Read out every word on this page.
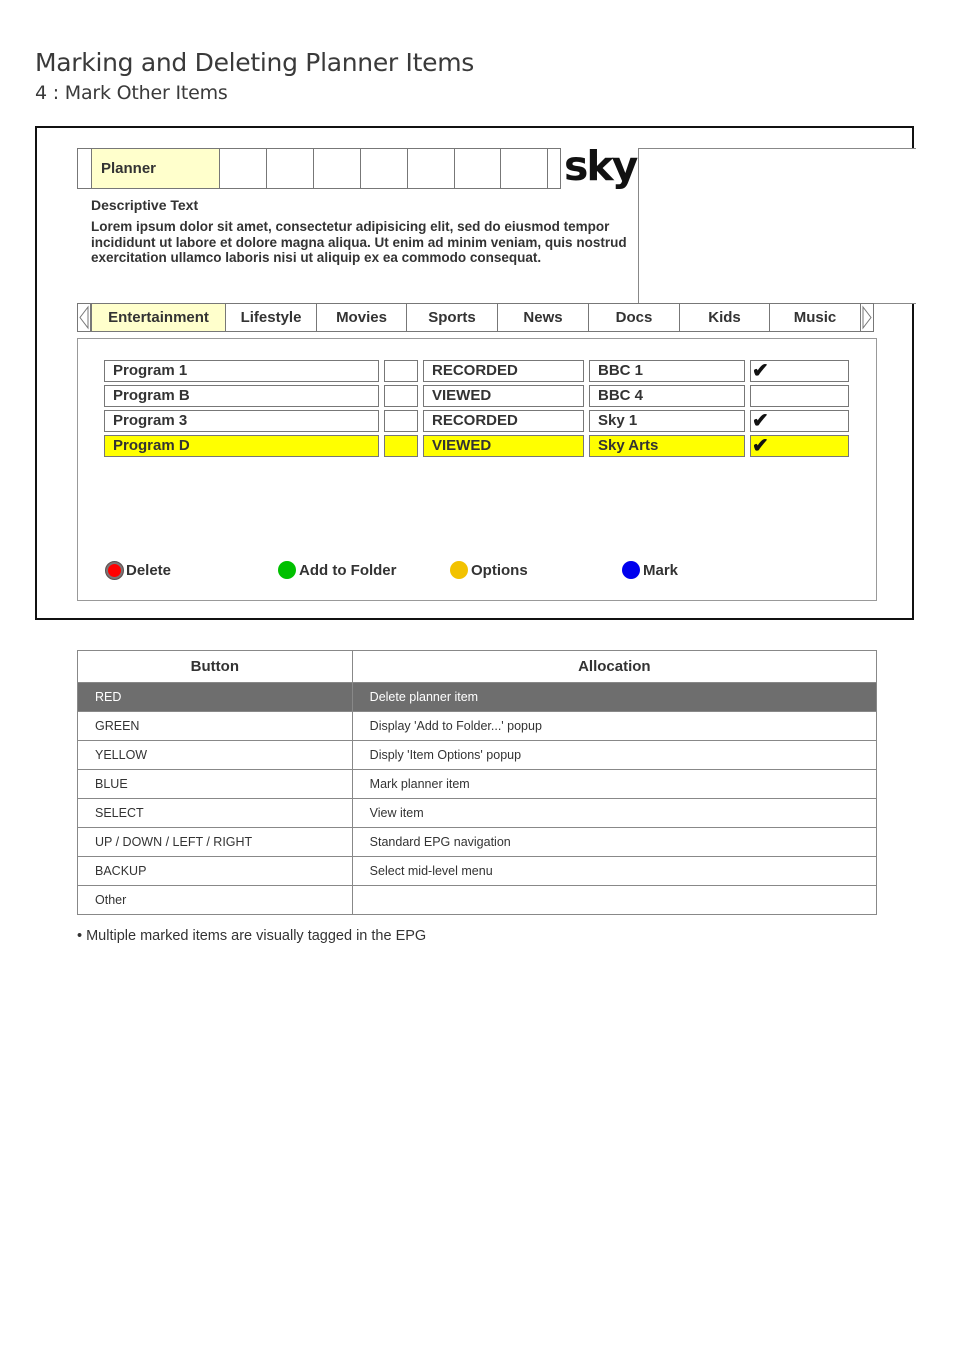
Marking and Deleting Planner Items
4 : Mark Other Items
Planner	sky
Descriptive Text
Lorem ipsum dolor sit amet, consectetur adipisicing elit, sed do eiusmod tempor incididunt ut labore et dolore magna aliqua. Ut enim ad minim veniam, quis nostrud exercitation ullamco laboris nisi ut aliquip ex ea commodo consequat.
Entertainment	Lifestyle	Movies	Sports	News	Docs	Kids	Music
Program 1	RECORDED	BBC 1	✔
Program B	VIEWED	BBC 4
Program 3	RECORDED	Sky 1	✔
Program D	VIEWED	Sky Arts	✔
Delete	Add to Folder	Options	Mark
Button	Allocation
RED	Delete planner item
GREEN	Display 'Add to Folder...' popup
YELLOW	Disply 'Item Options' popup
BLUE	Mark planner item
SELECT	View item
UP / DOWN / LEFT / RIGHT	Standard EPG navigation
BACKUP	Select mid-level menu
Other	
• Multiple marked items are visually tagged in the EPG
